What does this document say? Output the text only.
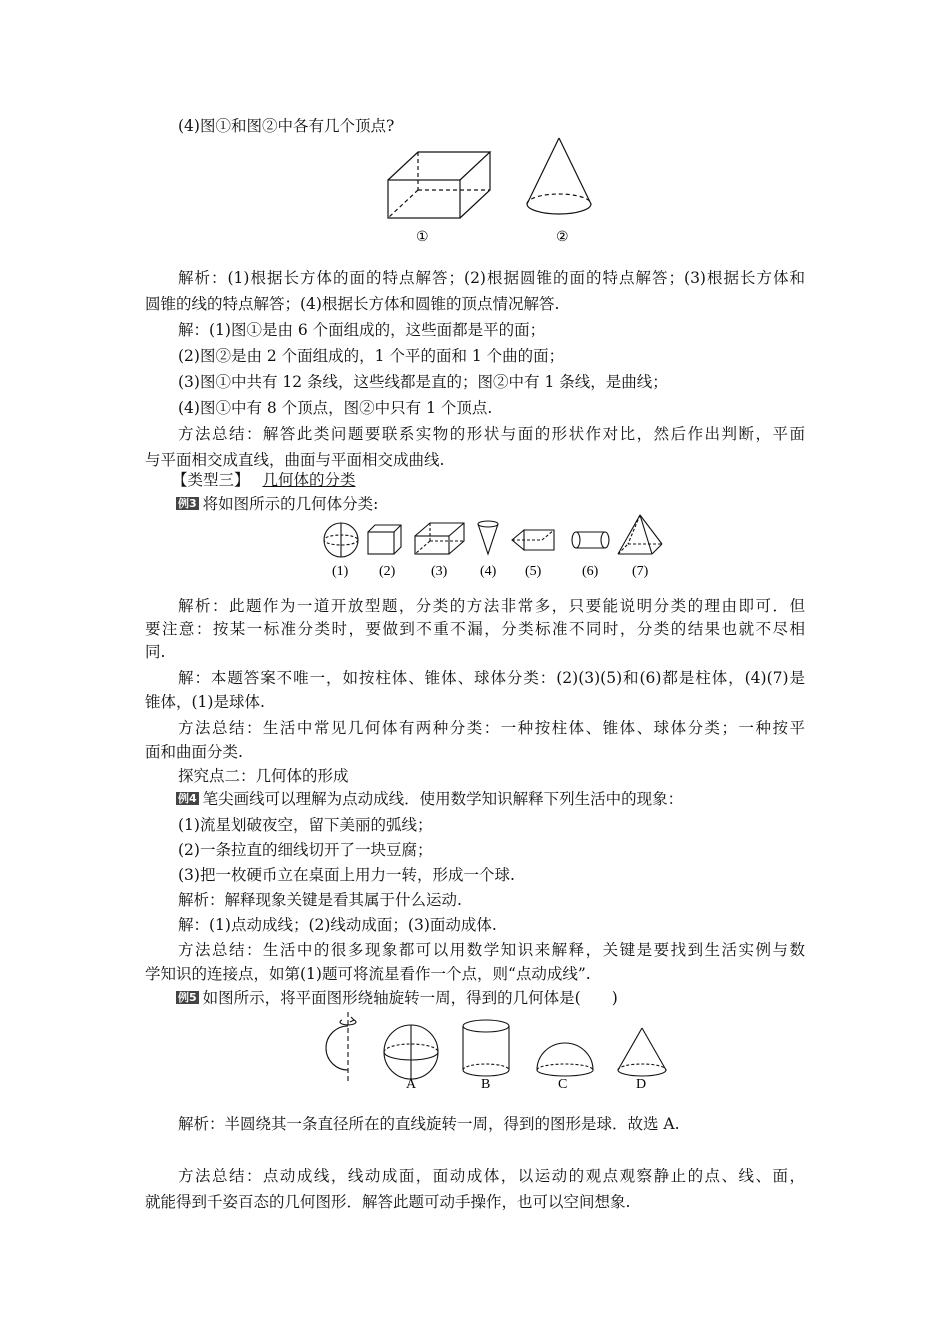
(4)图①和图②中各有几个顶点?
①	②
解析：(1)根据长方体的面的特点解答；(2)根据圆锥的面的特点解答；(3)根据长方体和
圆锥的线的特点解答；(4)根据长方体和圆锥的顶点情况解答.
解：(1)图①是由 6 个面组成的，这些面都是平的面；
(2)图②是由 2 个面组成的，1 个平的面和 1 个曲的面；
(3)图①中共有 12 条线，这些线都是直的；图②中有 1 条线，是曲线；
(4)图①中有 8 个顶点，图②中只有 1 个顶点.
方法总结：解答此类问题要联系实物的形状与面的形状作对比，然后作出判断，平面
与平面相交成直线，曲面与平面相交成曲线.
【类型三】 几何体的分类
例3 将如图所示的几何体分类:
(1) (2)	(3) (4) (5)	(6) (7)
解析：此题作为一道开放型题，分类的方法非常多，只要能说明分类的理由即可．但
要注意：按某一标准分类时，要做到不重不漏，分类标准不同时，分类的结果也就不尽相
同.
解：本题答案不唯一，如按柱体、锥体、球体分类：(2)(3)(5)和(6)都是柱体，(4)(7)是
锥体，(1)是球体.
方法总结：生活中常见几何体有两种分类：一种按柱体、锥体、球体分类；一种按平
面和曲面分类.
探究点二：几何体的形成
例4 笔尖画线可以理解为点动成线．使用数学知识解释下列生活中的现象：
(1)流星划破夜空，留下美丽的弧线；
(2)一条拉直的细线切开了一块豆腐；
(3)把一枚硬币立在桌面上用力一转，形成一个球.
解析：解释现象关键是看其属于什么运动.
解：(1)点动成线；(2)线动成面；(3)面动成体.
方法总结：生活中的很多现象都可以用数学知识来解释，关键是要找到生活实例与数
学知识的连接点，如第(1)题可将流星看作一个点，则“点动成线”.
例5 如图所示，将平面图形绕轴旋转一周，得到的几何体是(　　)
A	B	C	D
解析：半圆绕其一条直径所在的直线旋转一周，得到的图形是球．故选 A.
方法总结：点动成线，线动成面，面动成体，以运动的观点观察静止的点、线、面，
就能得到千姿百态的几何图形．解答此题可动手操作，也可以空间想象.
